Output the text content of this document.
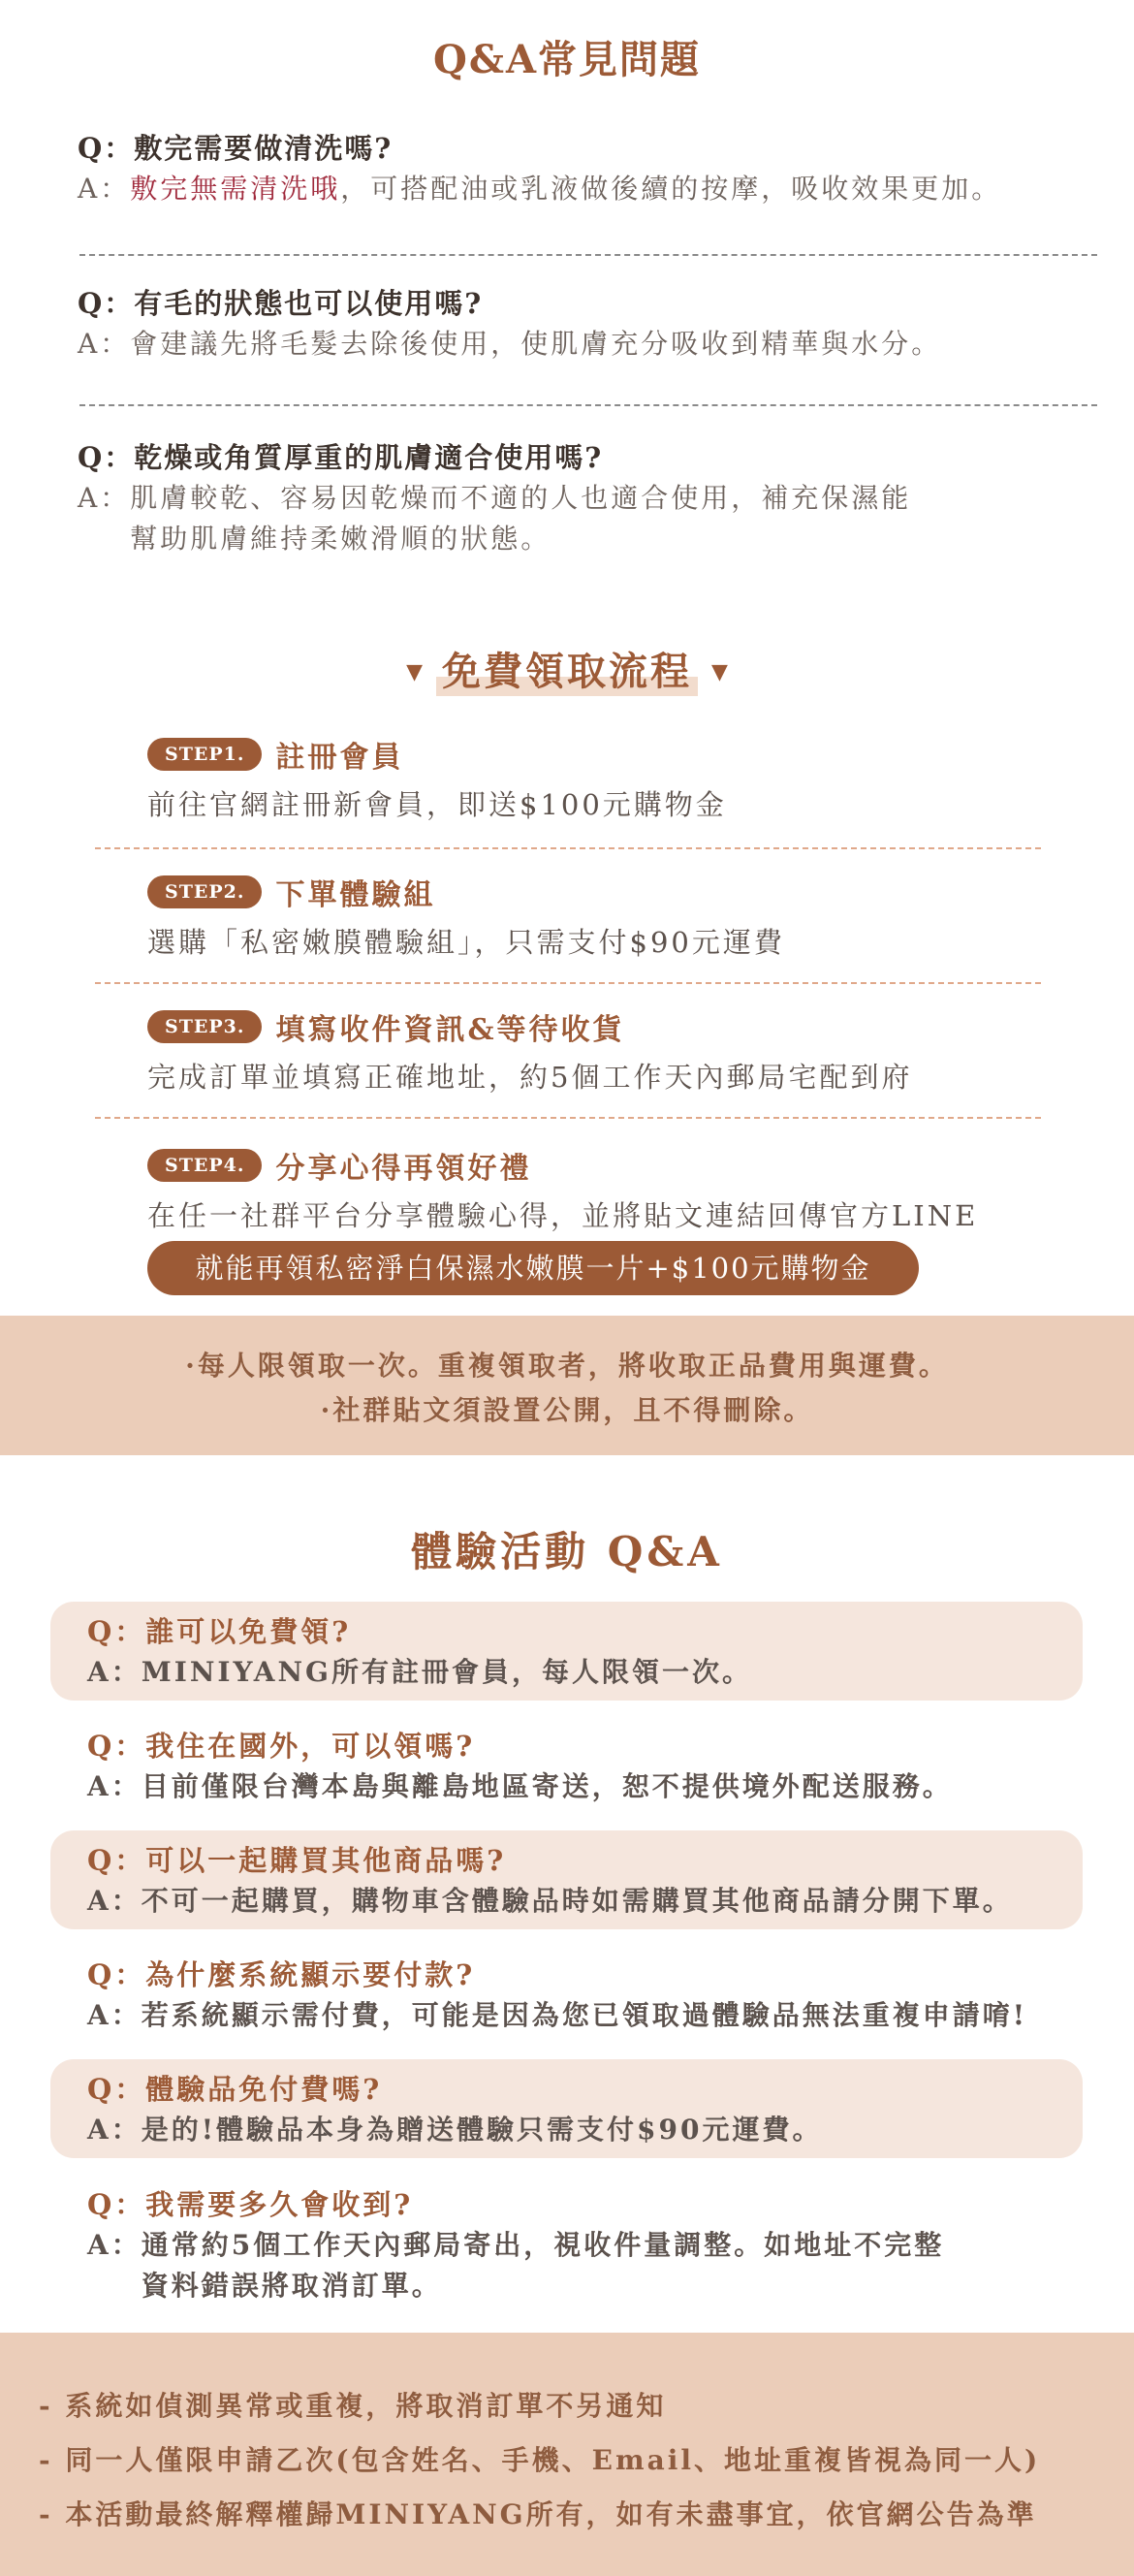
Q&A常見問題
Q：敷完需要做清洗嗎?
A： 敷完無需清洗哦，可搭配油或乳液做後續的按摩，吸收效果更加。
Q：有毛的狀態也可以使用嗎?
A： 會建議先將毛髮去除後使用，使肌膚充分吸收到精華與水分。
Q：乾燥或角質厚重的肌膚適合使用嗎?
A： 肌膚較乾、容易因乾燥而不適的人也適合使用，補充保濕能
幫助肌膚維持柔嫩滑順的狀態。
▼ 免費領取流程 ▼
STEP1.	註冊會員
前往官網註冊新會員，即送$100元購物金
STEP2.	下單體驗組
選購「私密嫩膜體驗組」，只需支付$90元運費
STEP3.	填寫收件資訊&等待收貨
完成訂單並填寫正確地址，約5個工作天內郵局宅配到府
STEP4.	分享心得再領好禮
在任一社群平台分享體驗心得，並將貼文連結回傳官方LINE
就能再領私密淨白保濕水嫩膜一片+$100元購物金
·每人限領取一次。重複領取者，將收取正品費用與運費。
·社群貼文須設置公開，且不得刪除。
體驗活動 Q&A
Q：誰可以免費領?
A： MINIYANG所有註冊會員，每人限領一次。
Q：我住在國外，可以領嗎?
A： 目前僅限台灣本島與離島地區寄送，恕不提供境外配送服務。
Q：可以一起購買其他商品嗎?
A： 不可一起購買，購物車含體驗品時如需購買其他商品請分開下單。
Q：為什麼系統顯示要付款?
A： 若系統顯示需付費，可能是因為您已領取過體驗品無法重複申請唷!
Q：體驗品免付費嗎?
A： 是的!體驗品本身為贈送體驗只需支付$90元運費。
Q：我需要多久會收到?
A： 通常約5個工作天內郵局寄出，視收件量調整。如地址不完整
資料錯誤將取消訂單。
- 系統如偵測異常或重複，將取消訂單不另通知
- 同一人僅限申請乙次(包含姓名、手機、Email、地址重複皆視為同一人)
- 本活動最終解釋權歸MINIYANG所有，如有未盡事宜，依官網公告為準
